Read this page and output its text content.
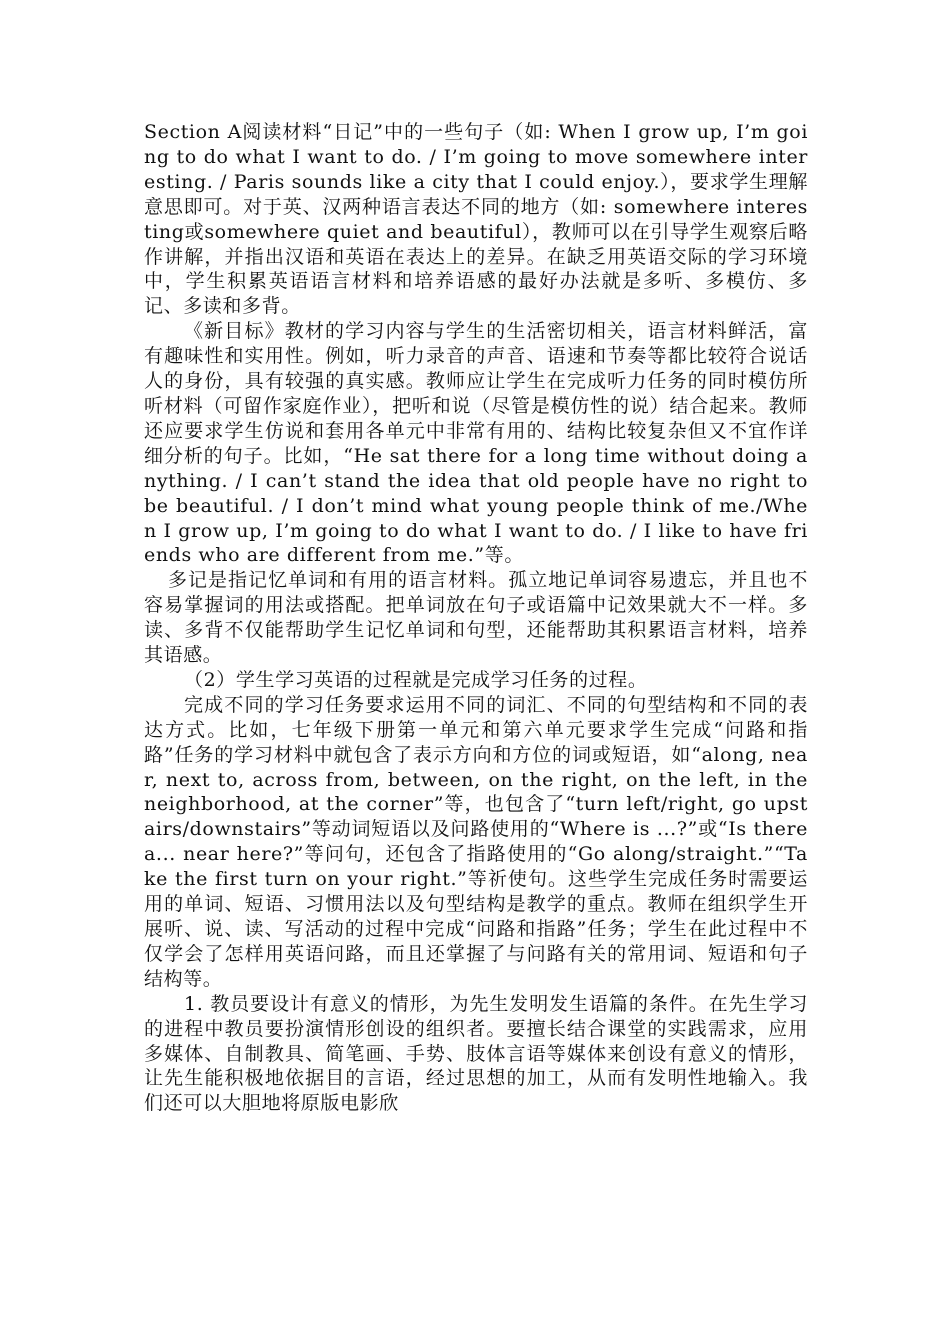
Section A阅读材料“日记”中的一些句子（如: When I grow up, I’m going to do what I want to do. / I’m going to move somewhere interesting. / Paris sounds like a city that I could enjoy.），要求学生理解意思即可。对于英、汉两种语言表达不同的地方（如: somewhere interesting或somewhere quiet and beautiful），教师可以在引导学生观察后略作讲解，并指出汉语和英语在表达上的差异。在缺乏用英语交际的学习环境中，学生积累英语语言材料和培养语感的最好办法就是多听、多模仿、多记、多读和多背。

《新目标》教材的学习内容与学生的生活密切相关，语言材料鲜活，富有趣味性和实用性。例如，听力录音的声音、语速和节奏等都比较符合说话人的身份，具有较强的真实感。教师应让学生在完成听力任务的同时模仿所听材料（可留作家庭作业），把听和说（尽管是模仿性的说）结合起来。教师还应要求学生仿说和套用各单元中非常有用的、结构比较复杂但又不宜作详细分析的句子。比如，“He sat there for a long time without doing anything. / I can’t stand the idea that old people have no right to be beautiful. / I don’t mind what young people think of me./When I grow up, I’m going to do what I want to do. / I like to have friends who are different from me.”等。

多记是指记忆单词和有用的语言材料。孤立地记单词容易遗忘，并且也不容易掌握词的用法或搭配。把单词放在句子或语篇中记效果就大不一样。多读、多背不仅能帮助学生记忆单词和句型，还能帮助其积累语言材料，培养其语感。

（2）学生学习英语的过程就是完成学习任务的过程。

完成不同的学习任务要求运用不同的词汇、不同的句型结构和不同的表达方式。比如，七年级下册第一单元和第六单元要求学生完成“问路和指路”任务的学习材料中就包含了表示方向和方位的词或短语，如“along, near, next to, across from, between, on the right, on the left, in the neighborhood, at the corner”等，也包含了“turn left/right, go upstairs/downstairs”等动词短语以及问路使用的“Where is ...?”或“Is there a... near here?”等问句，还包含了指路使用的“Go along/straight.”“Take the first turn on your right.”等祈使句。这些学生完成任务时需要运用的单词、短语、习惯用法以及句型结构是教学的重点。教师在组织学生开展听、说、读、写活动的过程中完成“问路和指路”任务；学生在此过程中不仅学会了怎样用英语问路，而且还掌握了与问路有关的常用词、短语和句子结构等。

1. 教员要设计有意义的情形，为先生发明发生语篇的条件。在先生学习的进程中教员要扮演情形创设的组织者。要擅长结合课堂的实践需求，应用多媒体、自制教具、简笔画、手势、肢体言语等媒体来创设有意义的情形，让先生能积极地依据目的言语，经过思想的加工，从而有发明性地输入。我们还可以大胆地将原版电影欣
